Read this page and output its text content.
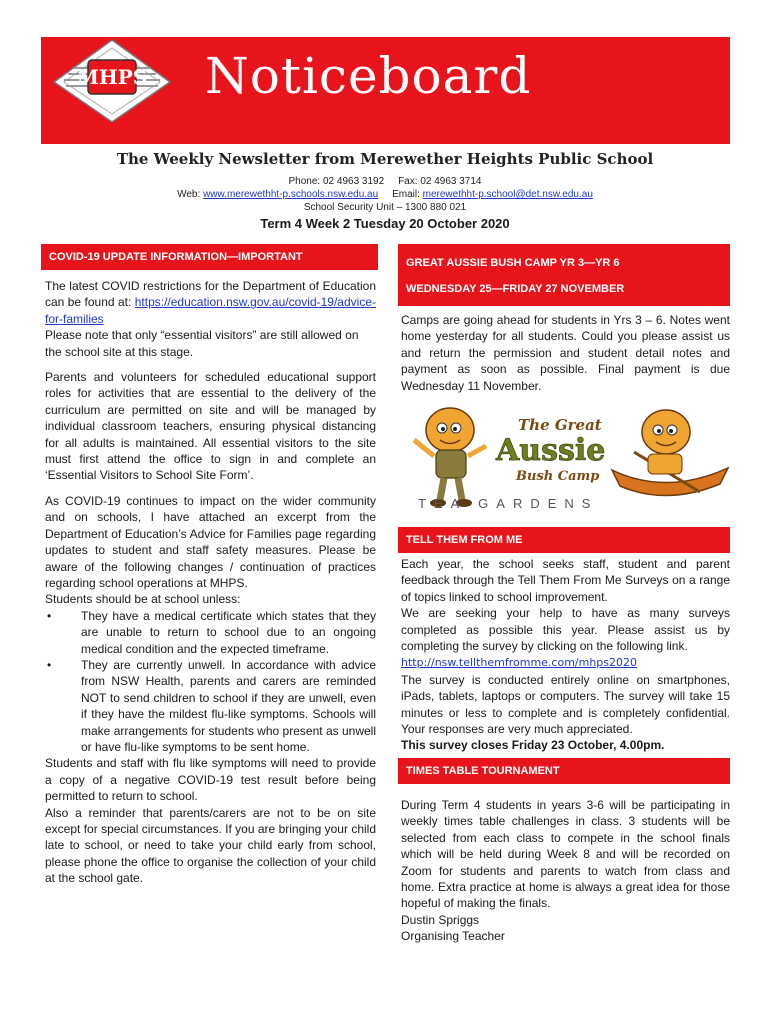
MHPS Noticeboard
The Weekly Newsletter from Merewether Heights Public School
Phone: 02 4963 3192 Fax: 02 4963 3714
Web: www.merewethht-p.schools.nsw.edu.au Email: merewethht-p.school@det.nsw.edu.au
School Security Unit – 1300 880 021
Term 4 Week 2 Tuesday 20 October 2020
COVID-19 UPDATE INFORMATION—IMPORTANT

The latest COVID restrictions for the Department of Education can be found at: https://education.nsw.gov.au/covid-19/advice-for-families

Please note that only “essential visitors” are still allowed on the school site at this stage.

Parents and volunteers for scheduled educational support roles for activities that are essential to the delivery of the curriculum are permitted on site and will be managed by individual classroom teachers, ensuring physical distancing for all adults is maintained. All essential visitors to the site must first attend the office to sign in and complete an ‘Essential Visitors to School Site Form’.

As COVID-19 continues to impact on the wider community and on schools, I have attached an excerpt from the Department of Education’s Advice for Families page regarding updates to student and staff safety measures. Please be aware of the following changes / continuation of practices regarding school operations at MHPS.

Students should be at school unless:

• They have a medical certificate which states that they are unable to return to school due to an ongoing medical condition and the expected timeframe.
• They are currently unwell. In accordance with advice from NSW Health, parents and carers are reminded NOT to send children to school if they are unwell, even if they have the mildest flu-like symptoms. Schools will make arrangements for students who present as unwell or have flu-like symptoms to be sent home.

Students and staff with flu like symptoms will need to provide a copy of a negative COVID-19 test result before being permitted to return to school.

Also a reminder that parents/carers are not to be on site except for special circumstances. If you are bringing your child late to school, or need to take your child early from school, please phone the office to organise the collection of your child at the school gate.

GREAT AUSSIE BUSH CAMP YR 3—YR 6
WEDNESDAY 25—FRIDAY 27 NOVEMBER

Camps are going ahead for students in Yrs 3 – 6. Notes went home yesterday for all students. Could you please assist us and return the permission and student detail notes and payment as soon as possible. Final payment is due Wednesday 11 November.

The Great
Aussie
Bush Camp
TEA GARDENS
TELL THEM FROM ME

Each year, the school seeks staff, student and parent feedback through the Tell Them From Me Surveys on a range of topics linked to school improvement.

We are seeking your help to have as many surveys completed as possible this year. Please assist us by completing the survey by clicking on the following link.

http://nsw.tellthemfromme.com/mhps2020

The survey is conducted entirely online on smartphones, iPads, tablets, laptops or computers. The survey will take 15 minutes or less to complete and is completely confidential. Your responses are very much appreciated.

This survey closes Friday 23 October, 4.00pm.

TIMES TABLE TOURNAMENT

During Term 4 students in years 3-6 will be participating in weekly times table challenges in class. 3 students will be selected from each class to compete in the school finals which will be held during Week 8 and will be recorded on Zoom for students and parents to watch from class and home. Extra practice at home is always a great idea for those hopeful of making the finals.

Dustin Spriggs

Organising Teacher
